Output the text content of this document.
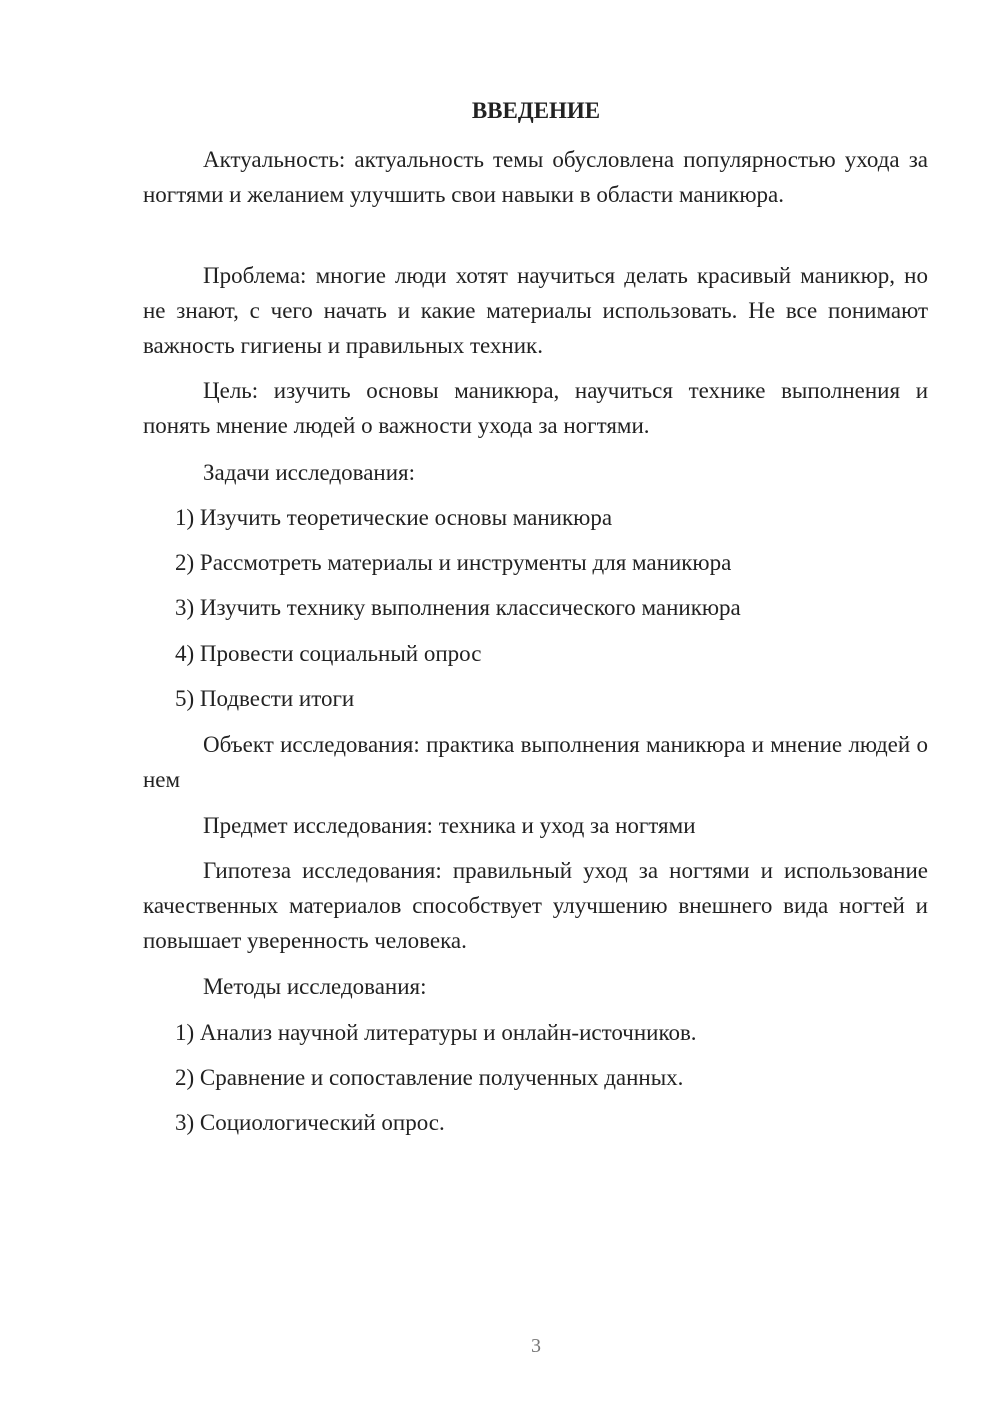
ВВЕДЕНИЕ

Актуальность: актуальность темы обусловлена популярностью ухода за ногтями и желанием улучшить свои навыки в области маникюра.

Проблема: многие люди хотят научиться делать красивый маникюр, но не знают, с чего начать и какие материалы использовать. Не все понимают важность гигиены и правильных техник.

Цель: изучить основы маникюра, научиться технике выполнения и понять мнение людей о важности ухода за ногтями.

Задачи исследования:

1) Изучить теоретические основы маникюра

2) Рассмотреть материалы и инструменты для маникюра

3) Изучить технику выполнения классического маникюра

4) Провести социальный опрос

5) Подвести итоги

Объект исследования: практика выполнения маникюра и мнение людей о нем

Предмет исследования: техника и уход за ногтями

Гипотеза исследования: правильный уход за ногтями и использование качественных материалов способствует улучшению внешнего вида ногтей и повышает уверенность человека.

Методы исследования:

1) Анализ научной литературы и онлайн-источников.

2) Сравнение и сопоставление полученных данных.

3) Социологический опрос.

3
